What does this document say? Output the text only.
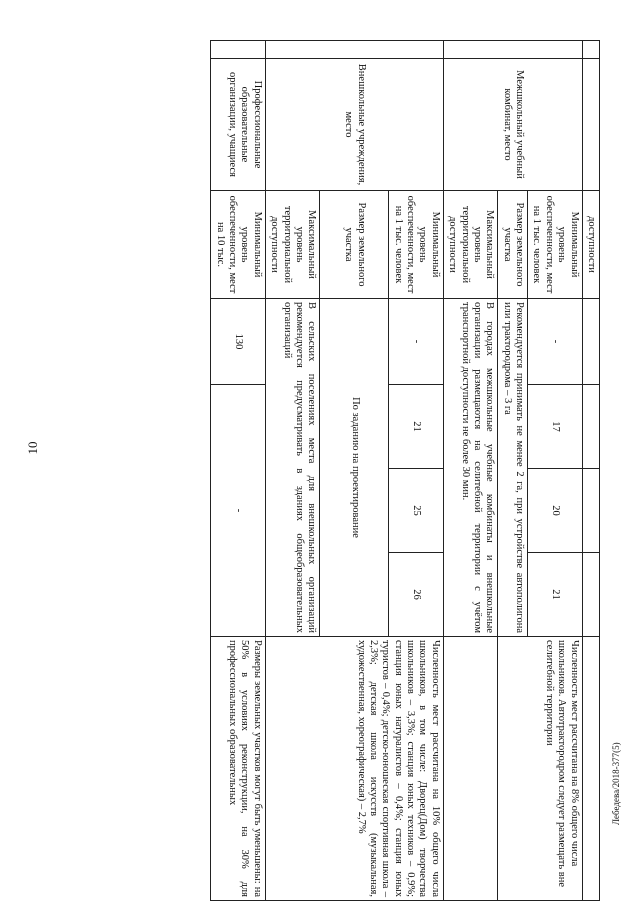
10
Лебедева/2018-377(5)
		доступности					
	Межшкольный учебный комбинат, место	Минимальный уровень обеспеченности, мест на 1 тыс. человек	-	17	20	21	Численность мест рассчитана на 8% общего числа школьников. Автотрактородром следует размещать вне селитебной территории
		Размер земельного участка	Рекомендуется принимать не менее 2 га, при устройстве автополигона или трактородрома – 3 га				
		Максимальный уровень территориальной доступности	В городах межшкольные учебные комбинаты и внешкольные организации размещаются на селитебной территории с учётом транспортной доступности не более 30 мин.				
	Внешкольные учреждения, место	Минимальный уровень обеспеченности, мест на 1 тыс. человек	-	21	25	26	Численность мест рассчитана на 10% общего числа школьников, в том числе: Дворец(Дом) творчества школьников – 3,3%; станция юных техников – 0,9%; станция юных натуралистов – 0,4%; станция юных туристов – 0,4%; детско-юношеская спортивная школа – 2,3%; детская школа искусств (музыкальная, художественная, хореографическая) – 2,7%
		Размер земельного участка	По заданию на проектирование				
		Максимальный уровень территориальной доступности	В сельских поселениях места для внешкольных организаций рекомендуется предусматривать в зданиях общеобразовательных организаций				
	Профессиональные образовательные организации, учащиеся	Минимальный уровень обеспеченности, мест на 10 тыс.	130	-			Размеры земельных участков могут быть уменьшены: на 50% в условиях реконструкции, на 30% для профессиональных образовательных
